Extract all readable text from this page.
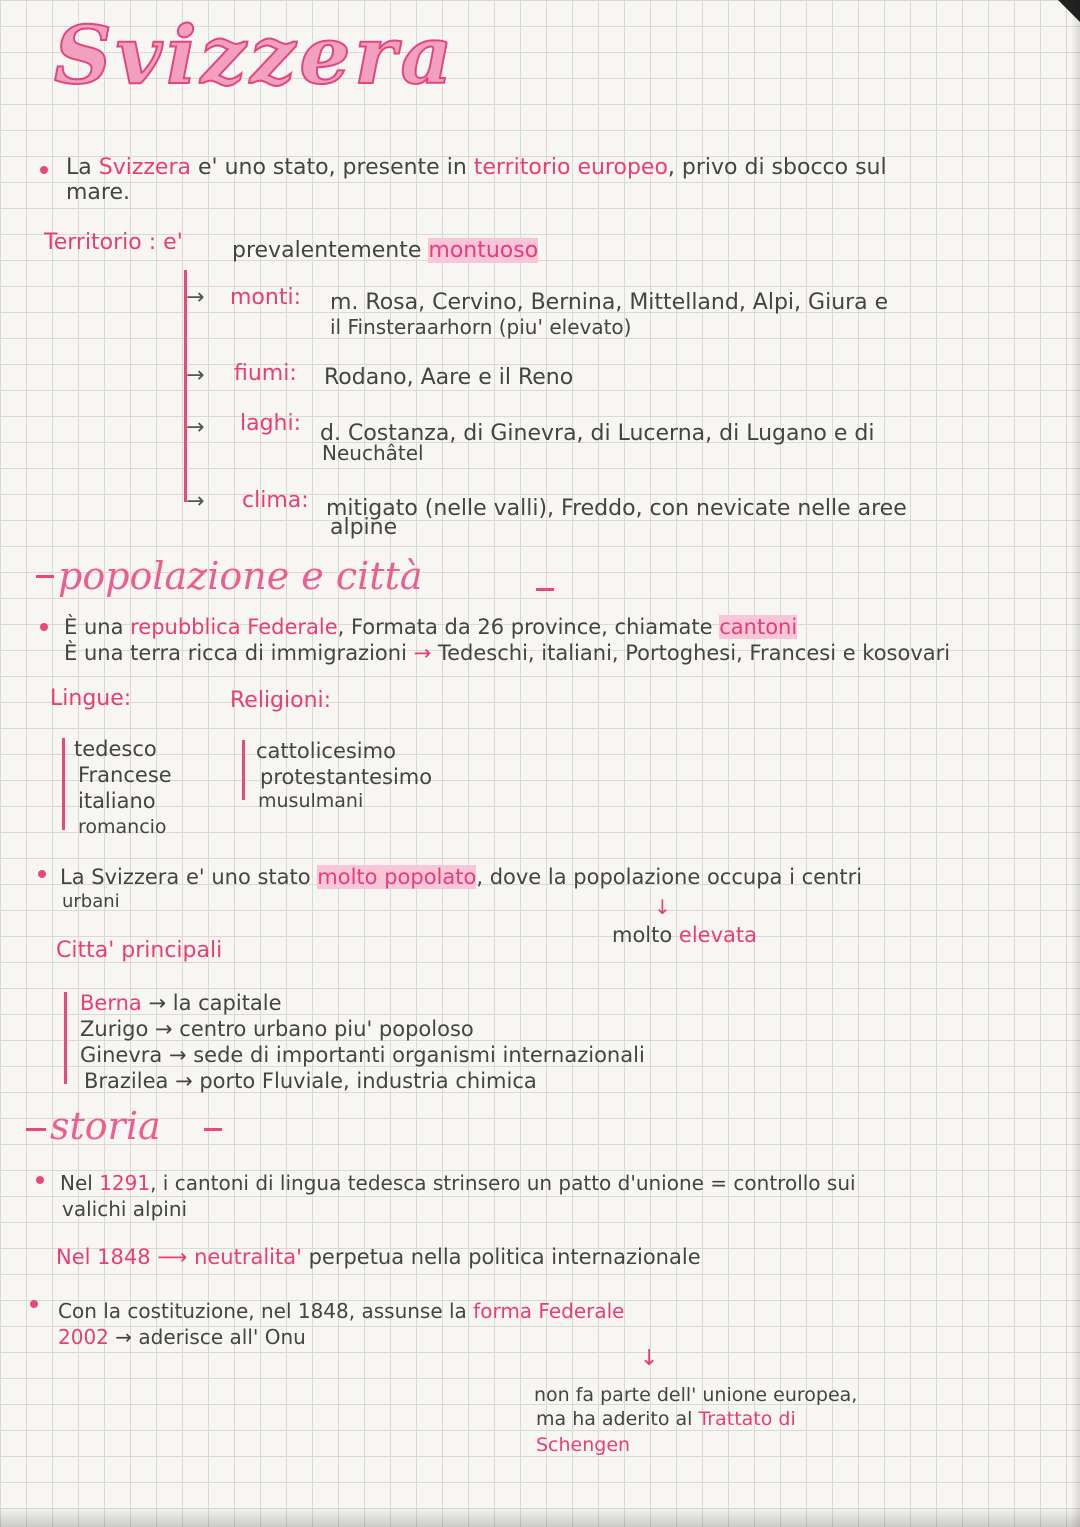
Svizzera
La Svizzera e' uno stato, presente in territorio europeo, privo di sbocco sul
mare.
Territorio : e' prevalentemente montuoso
→
→
→
→
monti: m. Rosa, Cervino, Bernina, Mittelland, Alpi, Giura e
il Finsteraarhorn (piu' elevato)
fiumi: Rodano, Aare e il Reno
laghi: d. Costanza, di Ginevra, di Lucerna, di Lugano e di
Neuchâtel
clima: mitigato (nelle valli), Freddo, con nevicate nelle aree
alpine
popolazione e città
È una repubblica Federale, Formata da 26 province, chiamate cantoni
È una terra ricca di immigrazioni → Tedeschi, italiani, Portoghesi, Francesi e kosovari
Lingue:	Religioni:
tedesco
Francese
italiano
romancio
cattolicesimo
protestantesimo
musulmani
La Svizzera e' uno stato molto popolato, dove la popolazione occupa i centri
urbani	↓
molto elevata
Citta' principali
Berna → la capitale
Zurigo → centro urbano piu' popoloso
Ginevra → sede di importanti organismi internazionali
Brazilea → porto Fluviale, industria chimica
storia
Nel 1291, i cantoni di lingua tedesca strinsero un patto d'unione = controllo sui
valichi alpini
Nel 1848 ⟶ neutralita' perpetua nella politica internazionale
Con la costituzione, nel 1848, assunse la forma Federale
2002 → aderisce all' Onu
↓
non fa parte dell' unione europea,
ma ha aderito al Trattato di
Schengen
